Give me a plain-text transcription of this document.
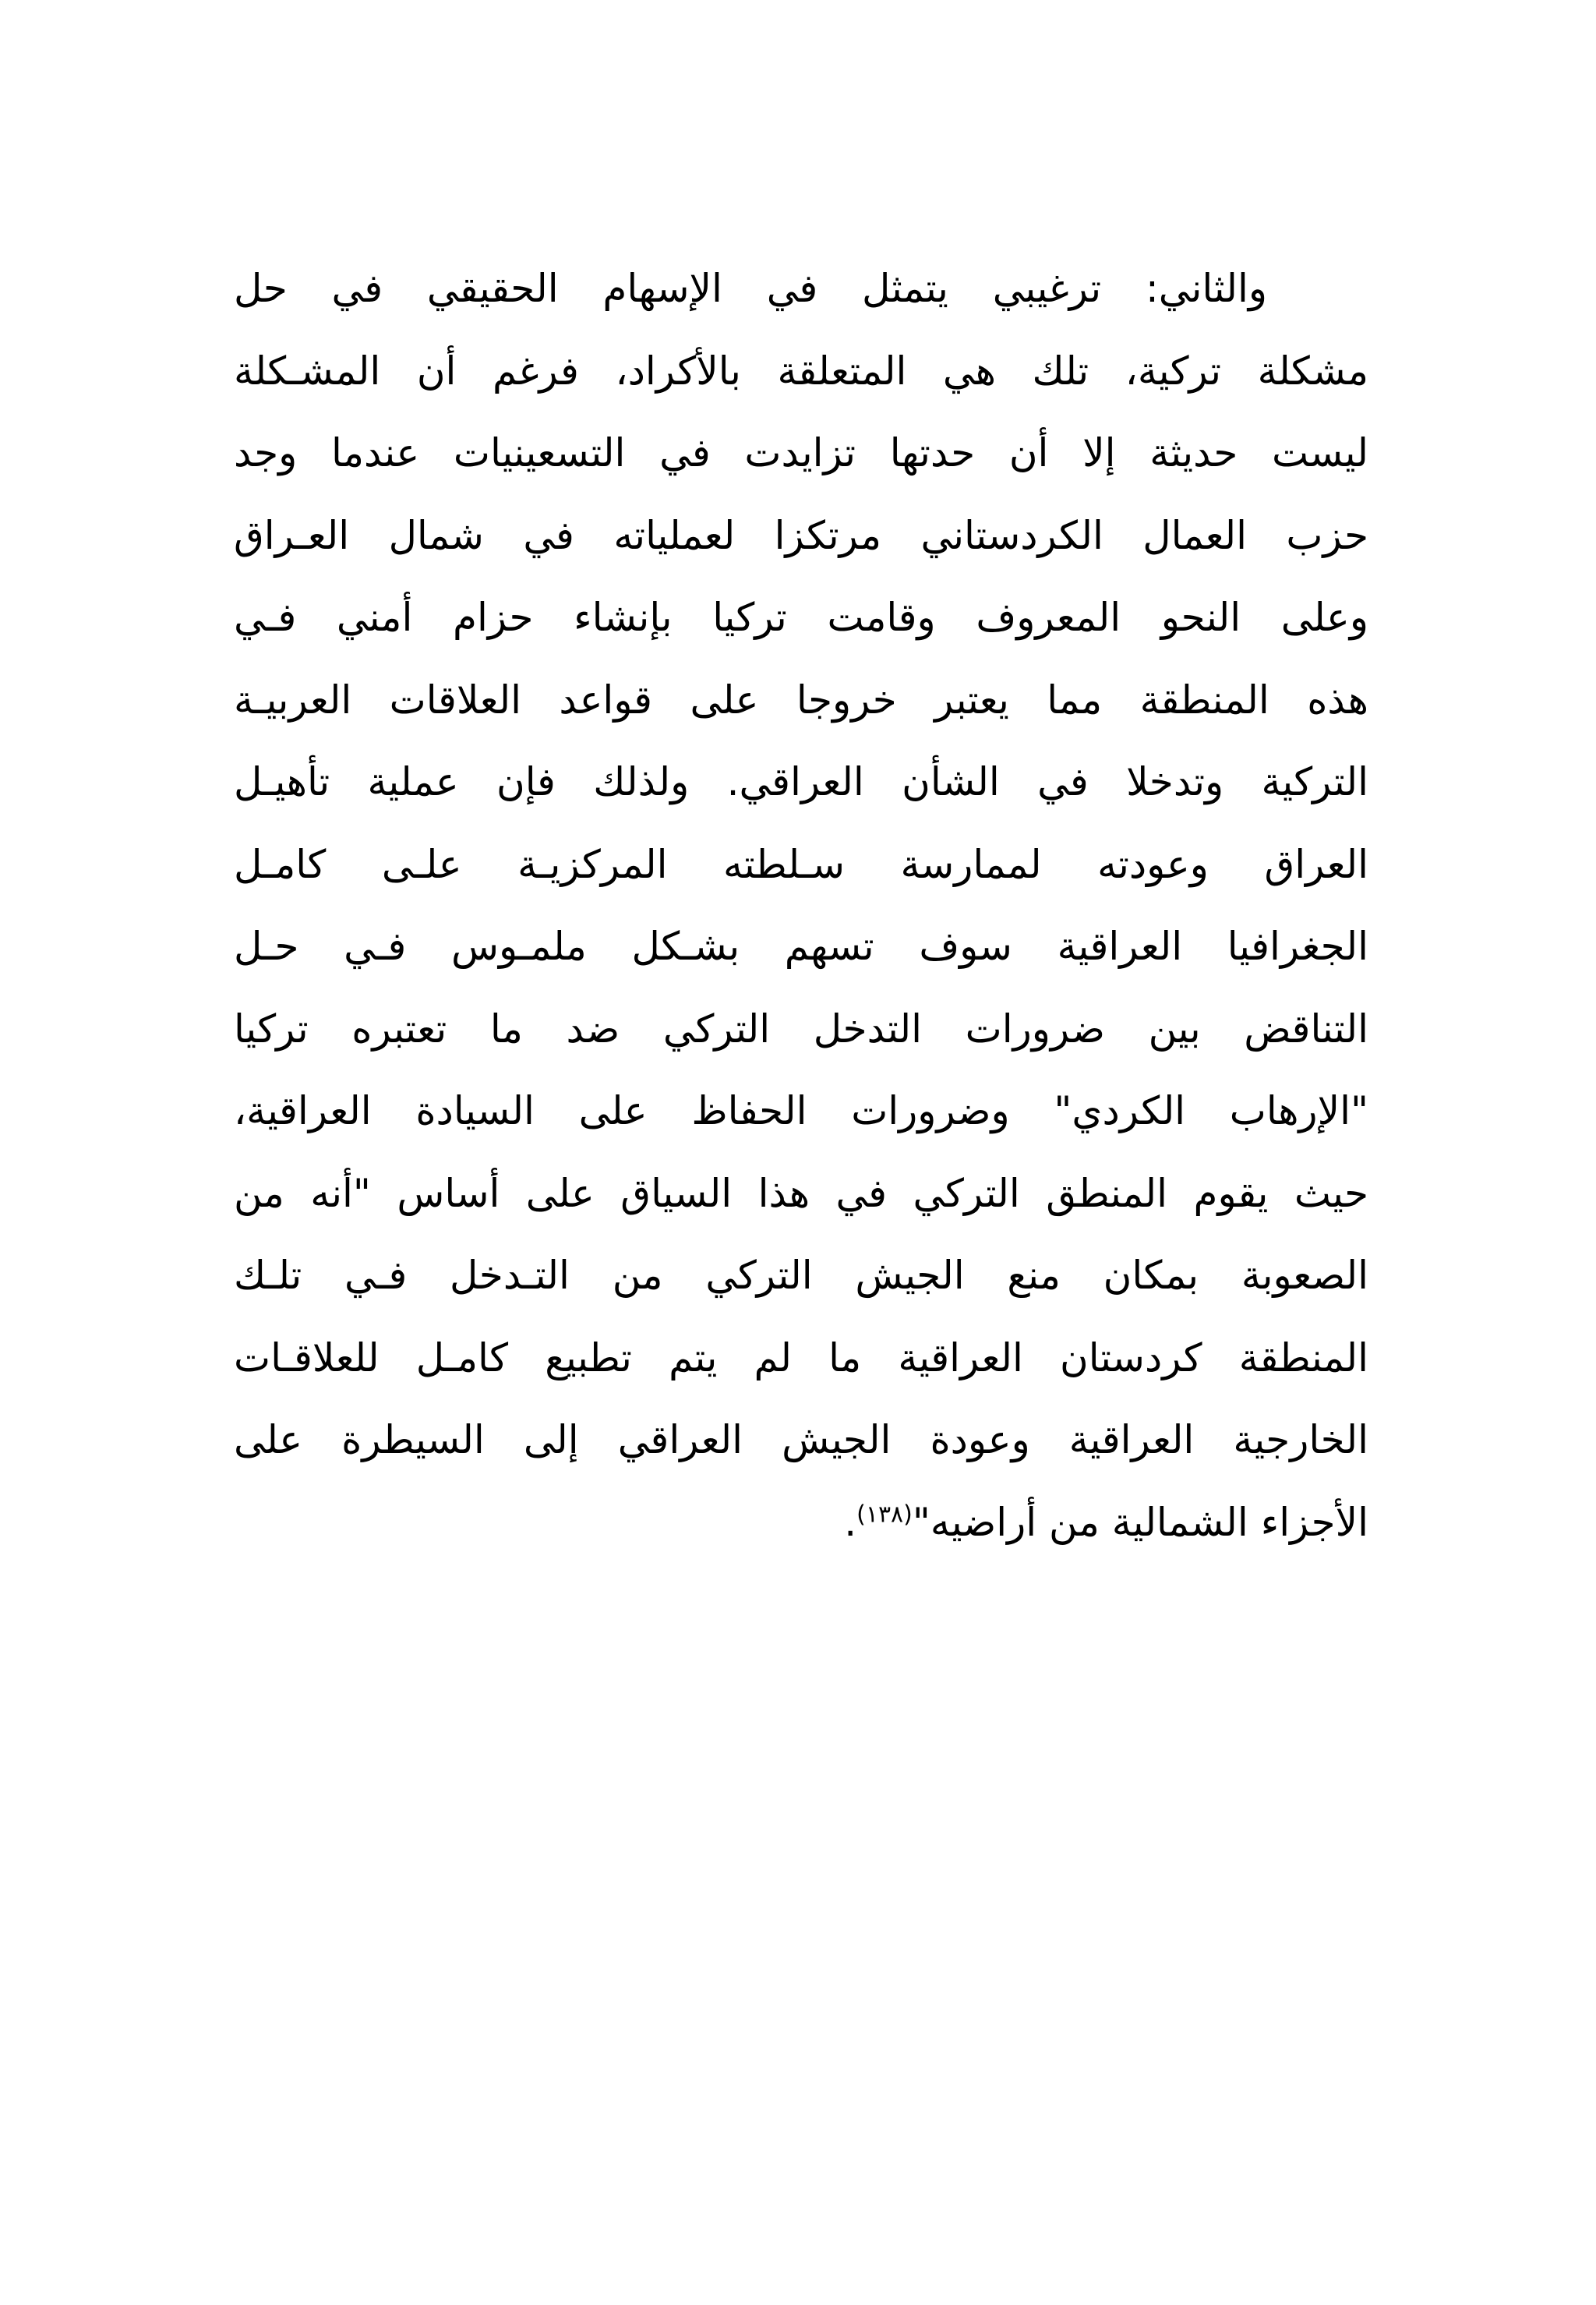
والثاني: ترغيبي يتمثل في الإسهام الحقيقي في حل
مشكلة تركية، تلك هي المتعلقة بالأكراد، فرغم أن المشـكلة
ليست حديثة إلا أن حدتها تزايدت في التسعينيات عندما وجد
حزب العمال الكردستاني مرتكزا لعملياته في شمال العـراق
وعلى النحو المعروف وقامت تركيا بإنشاء حزام أمني فـي
هذه المنطقة مما يعتبر خروجا على قواعد العلاقات العربيـة
التركية وتدخلا في الشأن العراقي. ولذلك فإن عملية تأهيـل
العراق وعودته لممارسة سـلطته المركزيـة علـى كامـل
الجغرافيا العراقية سوف تسهم بشـكل ملمـوس فـي حـل
التناقض بين ضرورات التدخل التركي ضد ما تعتبره تركيا
"الإرهاب الكردي" وضرورات الحفاظ على السيادة العراقية،
حيث يقوم المنطق التركي في هذا السياق على أساس "أنه من
الصعوبة بمكان منع الجيش التركي من التـدخل فـي تلـك
المنطقة كردستان العراقية ما لم يتم تطبيع كامـل للعلاقـات
الخارجية العراقية وعودة الجيش العراقي إلى السيطرة على
الأجزاء الشمالية من أراضيه"$^{(١٣٨)}$.
